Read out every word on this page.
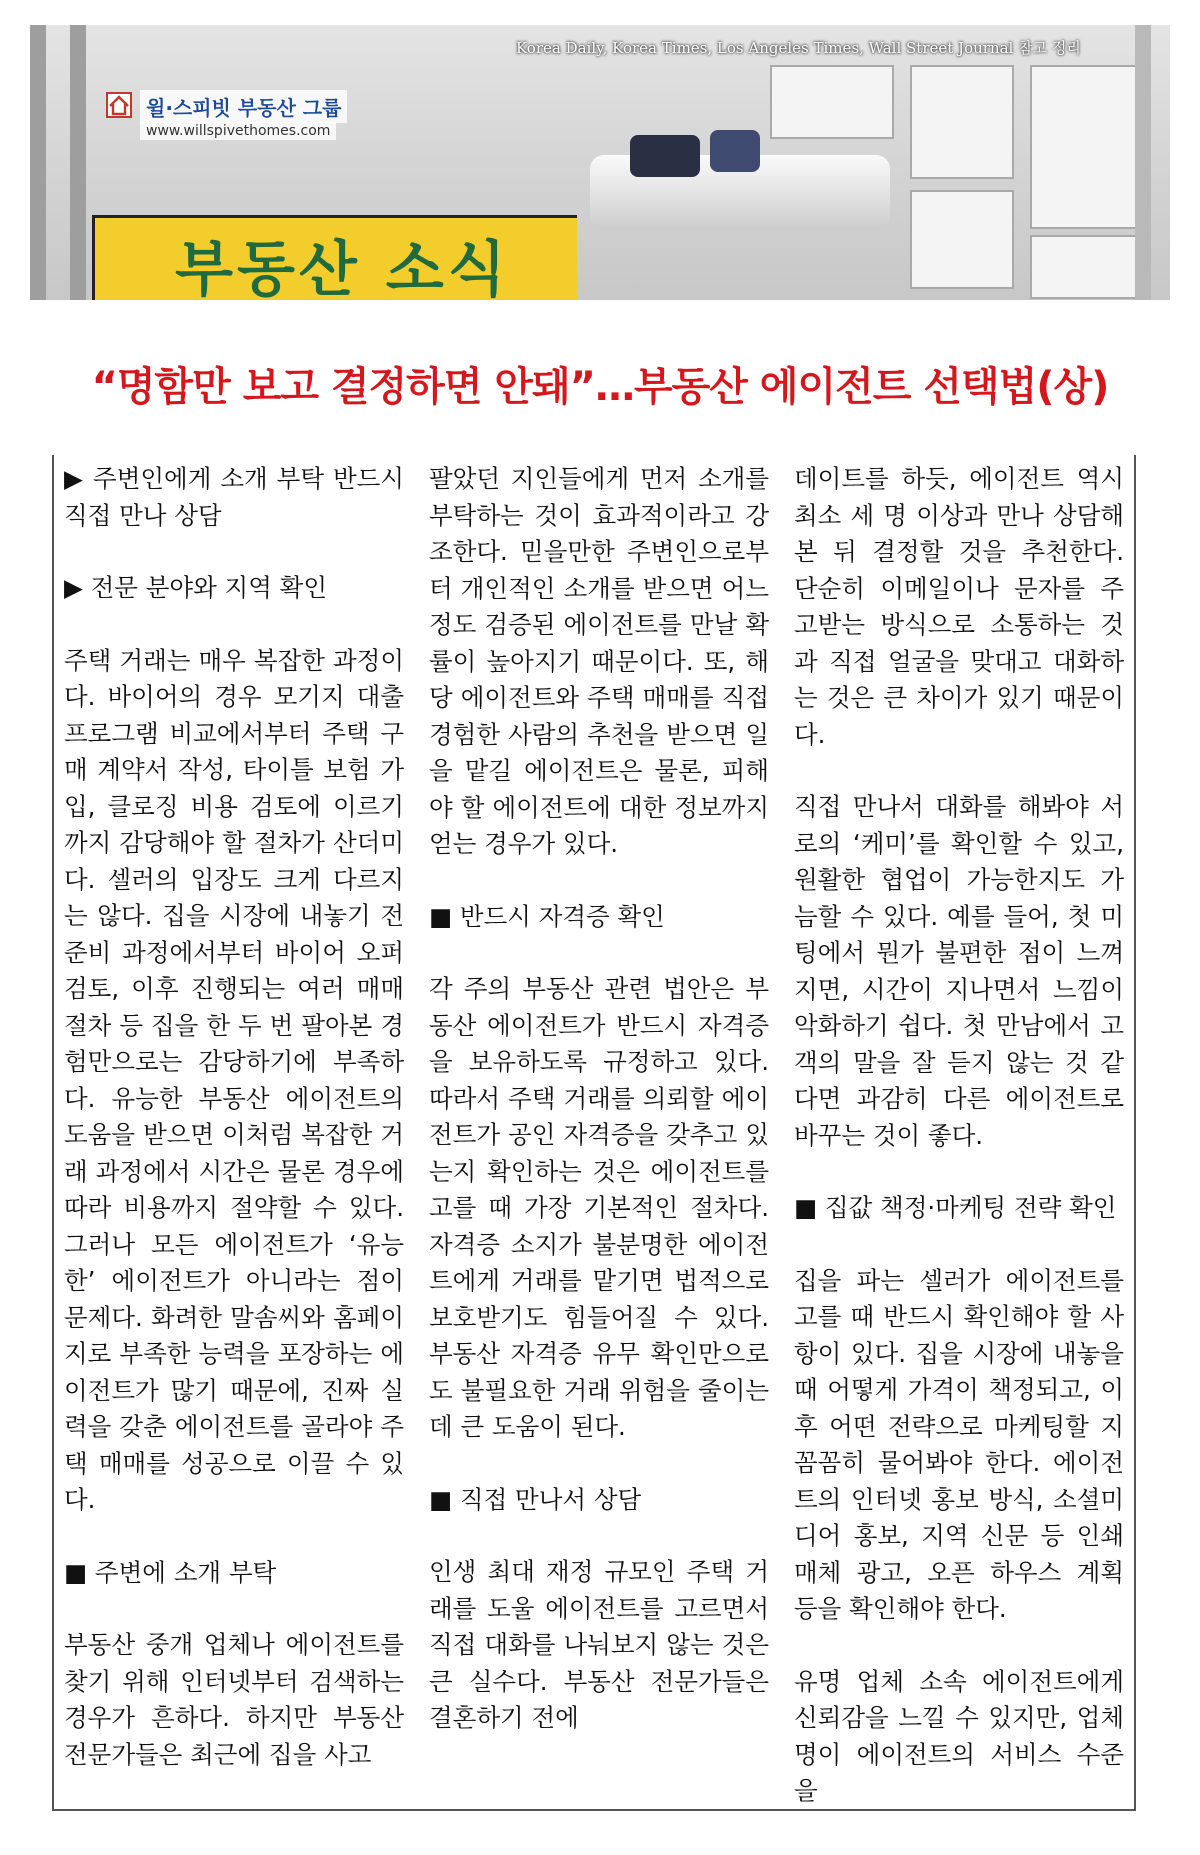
Korea Daily, Korea Times, Los Angeles Times, Wall Street Journal 참고 정리
윌·스피빗 부동산 그룹
www.willspivethomes.com
부동산 소식
“명함만 보고 결정하면 안돼”…부동산 에이전트 선택법(상)

▶ 주변인에게 소개 부탁 반드시 직접 만나 상담

▶ 전문 분야와 지역 확인

주택 거래는 매우 복잡한 과정이다. 바이어의 경우 모기지 대출 프로그램 비교에서부터 주택 구매 계약서 작성, 타이틀 보험 가입, 클로징 비용 검토에 이르기까지 감당해야 할 절차가 산더미다. 셀러의 입장도 크게 다르지는 않다. 집을 시장에 내놓기 전 준비 과정에서부터 바이어 오퍼 검토, 이후 진행되는 여러 매매 절차 등 집을 한 두 번 팔아본 경험만으로는 감당하기에 부족하다. 유능한 부동산 에이전트의 도움을 받으면 이처럼 복잡한 거래 과정에서 시간은 물론 경우에 따라 비용까지 절약할 수 있다. 그러나 모든 에이전트가 ‘유능한’ 에이전트가 아니라는 점이 문제다. 화려한 말솜씨와 홈페이지로 부족한 능력을 포장하는 에이전트가 많기 때문에, 진짜 실력을 갖춘 에이전트를 골라야 주택 매매를 성공으로 이끌 수 있다.

■ 주변에 소개 부탁

부동산 중개 업체나 에이전트를 찾기 위해 인터넷부터 검색하는 경우가 흔하다. 하지만 부동산 전문가들은 최근에 집을 사고

팔았던 지인들에게 먼저 소개를 부탁하는 것이 효과적이라고 강조한다. 믿을만한 주변인으로부터 개인적인 소개를 받으면 어느 정도 검증된 에이전트를 만날 확률이 높아지기 때문이다. 또, 해당 에이전트와 주택 매매를 직접 경험한 사람의 추천을 받으면 일을 맡길 에이전트은 물론, 피해야 할 에이전트에 대한 정보까지 얻는 경우가 있다.

■ 반드시 자격증 확인

각 주의 부동산 관련 법안은 부동산 에이전트가 반드시 자격증을 보유하도록 규정하고 있다. 따라서 주택 거래를 의뢰할 에이전트가 공인 자격증을 갖추고 있는지 확인하는 것은 에이전트를 고를 때 가장 기본적인 절차다. 자격증 소지가 불분명한 에이전트에게 거래를 맡기면 법적으로 보호받기도 힘들어질 수 있다. 부동산 자격증 유무 확인만으로도 불필요한 거래 위험을 줄이는 데 큰 도움이 된다.

■ 직접 만나서 상담

인생 최대 재정 규모인 주택 거래를 도울 에이전트를 고르면서 직접 대화를 나눠보지 않는 것은 큰 실수다. 부동산 전문가들은 결혼하기 전에

데이트를 하듯, 에이전트 역시 최소 세 명 이상과 만나 상담해 본 뒤 결정할 것을 추천한다. 단순히 이메일이나 문자를 주고받는 방식으로 소통하는 것과 직접 얼굴을 맞대고 대화하는 것은 큰 차이가 있기 때문이다.

직접 만나서 대화를 해봐야 서로의 ‘케미’를 확인할 수 있고, 원활한 협업이 가능한지도 가늠할 수 있다. 예를 들어, 첫 미팅에서 뭔가 불편한 점이 느껴지면, 시간이 지나면서 느낌이 악화하기 쉽다. 첫 만남에서 고객의 말을 잘 듣지 않는 것 같다면 과감히 다른 에이전트로 바꾸는 것이 좋다.

■ 집값 책정·마케팅 전략 확인

집을 파는 셀러가 에이전트를 고를 때 반드시 확인해야 할 사항이 있다. 집을 시장에 내놓을 때 어떻게 가격이 책정되고, 이후 어떤 전략으로 마케팅할 지 꼼꼼히 물어봐야 한다. 에이전트의 인터넷 홍보 방식, 소셜미디어 홍보, 지역 신문 등 인쇄 매체 광고, 오픈 하우스 계획 등을 확인해야 한다.

유명 업체 소속 에이전트에게 신뢰감을 느낄 수 있지만, 업체 명이 에이전트의 서비스 수준을
